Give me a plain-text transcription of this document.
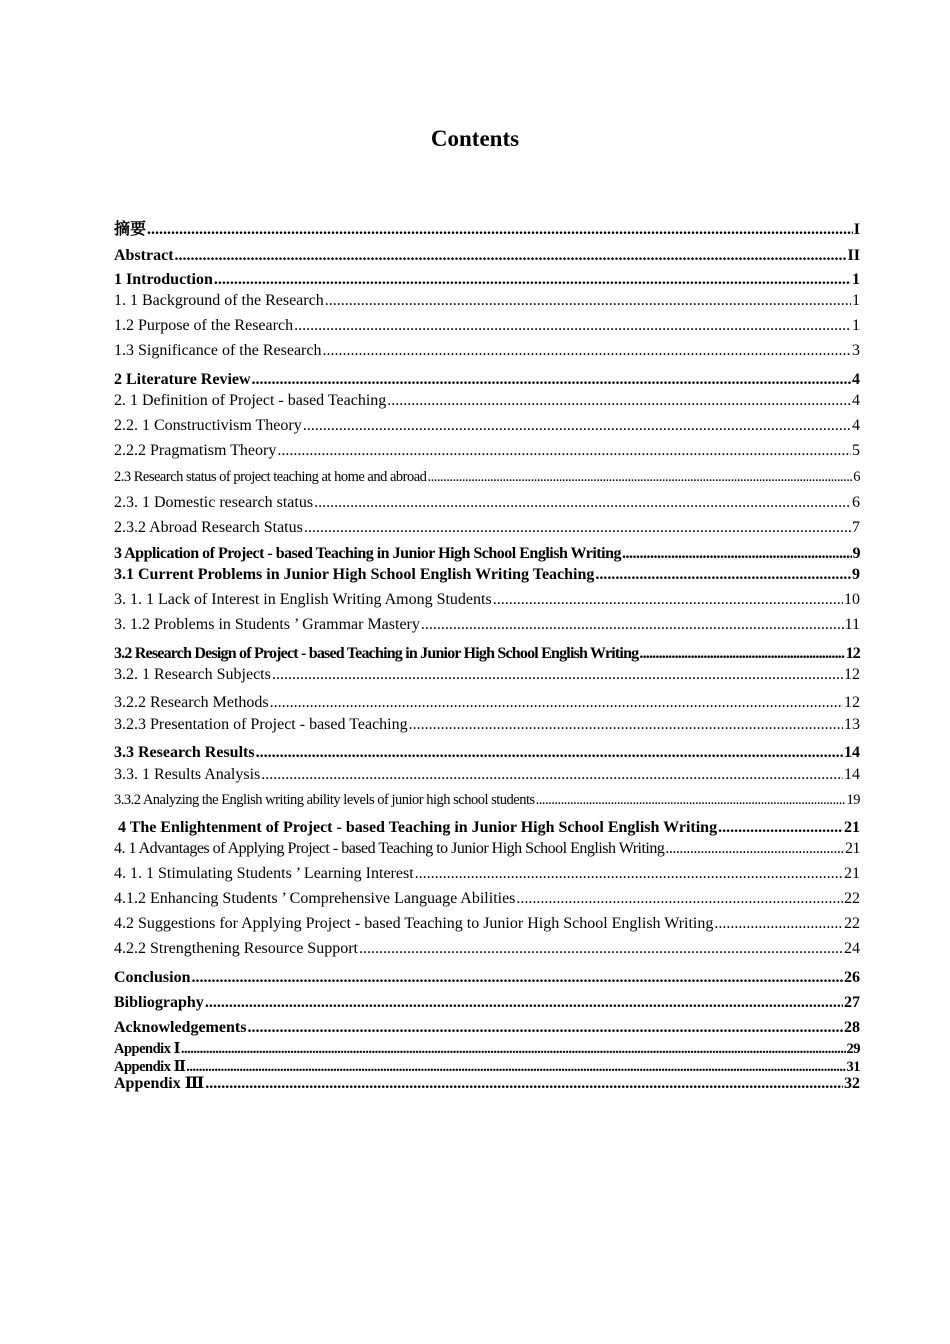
Contents
摘要 .....	I
Abstract .....	II
1 Introduction .....	1
1. 1 Background of the Research .....	1
1.2 Purpose of the Research .....	1
1.3 Significance of the Research .....	3
2 Literature Review .....	4
2. 1 Definition of Project - based Teaching .....	4
2.2. 1 Constructivism Theory .....	4
2.2.2 Pragmatism Theory .....	5
2.3 Research status of project teaching at home and abroad .....	6
2.3. 1 Domestic research status .....	6
2.3.2 Abroad Research Status .....	7
3 Application of Project - based Teaching in Junior High School English Writing .....	9
3.1 Current Problems in Junior High School English Writing Teaching .....	9
3. 1. 1 Lack of Interest in English Writing Among Students .....	10
3. 1.2 Problems in Students ’ Grammar Mastery .....	11
3.2 Research Design of Project - based Teaching in Junior High School English Writing .....	12
3.2. 1 Research Subjects .....	12
3.2.2 Research Methods .....	12
3.2.3 Presentation of Project - based Teaching .....	13
3.3 Research Results .....	14
3.3. 1 Results Analysis .....	14
3.3.2 Analyzing the English writing ability levels of junior high school students .....	19
4 The Enlightenment of Project - based Teaching in Junior High School English Writing .....	21
4. 1 Advantages of Applying Project - based Teaching to Junior High School English Writing .....	21
4. 1. 1 Stimulating Students ’ Learning Interest .....	21
4.1.2 Enhancing Students ’ Comprehensive Language Abilities .....	22
4.2 Suggestions for Applying Project - based Teaching to Junior High School English Writing .....	22
4.2.2 Strengthening Resource Support .....	24
Conclusion .....	26
Bibliography .....	27
Acknowledgements .....	28
Appendix Ⅰ .....	29
Appendix Ⅱ .....	31
Appendix Ⅲ .....	32
